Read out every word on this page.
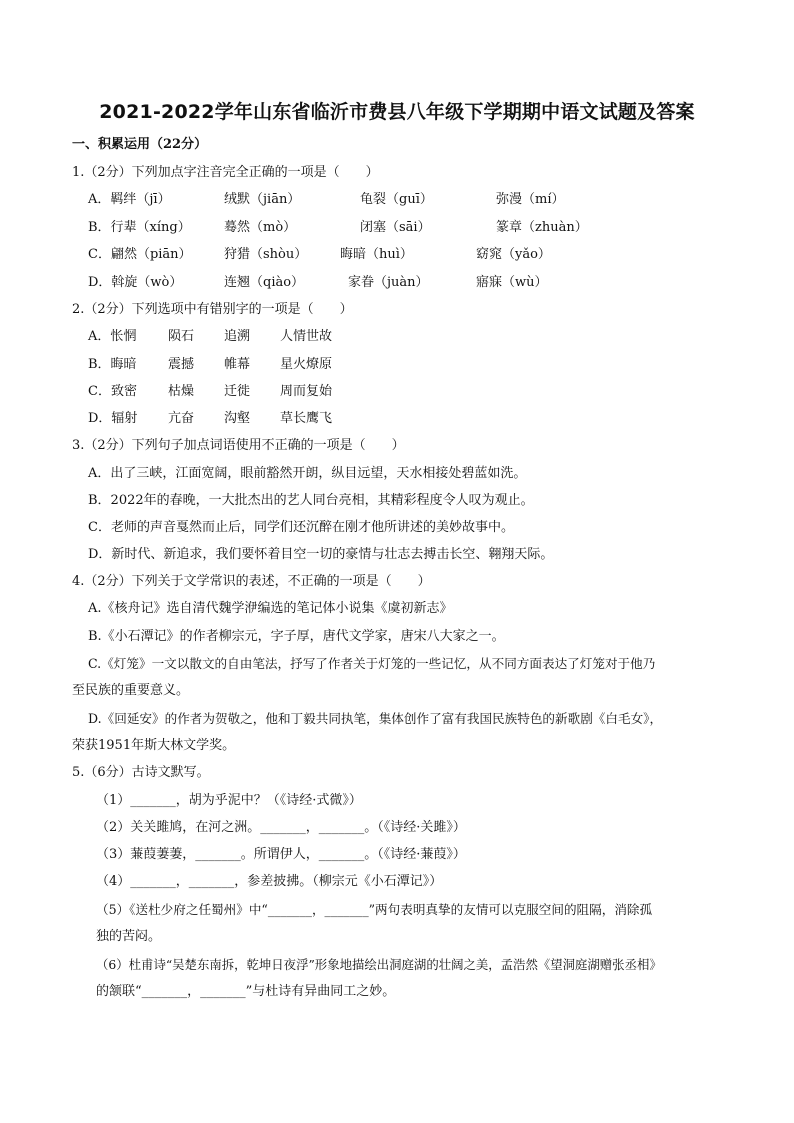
2021-2022学年山东省临沂市费县八年级下学期期中语文试题及答案
一、积累运用（22分）
1.（2分）下列加点字注音完全正确的一项是（　　）
A．羁绊（jī）	绒默（jiān）	龟裂（guī）	弥漫（mí）
B．行辈（xíng）	蓦然（mò）	闭塞（sāi）	篆章（zhuàn）
C．翩然（piān） 狩猎（shòu）	晦暗（huì）	窈窕（yǎo）
D．斡旋（wò）	连翘（qiào）	家眷（juàn）	寤寐（wù）
2.（2分）下列选项中有错别字的一项是（　　）
A．怅惘 陨石 追溯 人情世故
B．晦暗 震撼 帷幕 星火燎原
C．致密 枯燥 迁徙 周而复始
D．辐射 亢奋 沟壑 草长鹰飞
3.（2分）下列句子加点词语使用不正确的一项是（　　）
A．出了三峡，江面宽阔，眼前豁然开朗，纵目远望，天水相接处碧蓝如洗。
B．2022年的春晚，一大批杰出的艺人同台亮相，其精彩程度令人叹为观止。
C．老师的声音戛然而止后，同学们还沉醉在刚才他所讲述的美妙故事中。
D．新时代、新追求，我们要怀着目空一切的豪情与壮志去搏击长空、翱翔天际。
4.（2分）下列关于文学常识的表述，不正确的一项是（　　）
A.《核舟记》选自清代魏学洢编选的笔记体小说集《虞初新志》
B.《小石潭记》的作者柳宗元，字子厚，唐代文学家，唐宋八大家之一。
C.《灯笼》一文以散文的自由笔法，抒写了作者关于灯笼的一些记忆，从不同方面表达了灯笼对于他乃
至民族的重要意义。
D.《回延安》的作者为贺敬之，他和丁毅共同执笔，集体创作了富有我国民族特色的新歌剧《白毛女》，
荣获1951年斯大林文学奖。
5.（6分）古诗文默写。
（1）_______，胡为乎泥中？（《诗经·式微》）
（2）关关雎鸠，在河之洲。_______，_______。（《诗经·关雎》）
（3）蒹葭萋萋，_______。所谓伊人，_______。（《诗经·蒹葭》）
（4）_______，_______，参差披拂。（柳宗元《小石潭记》）
（5）《送杜少府之任蜀州》中“_______，_______”两句表明真挚的友情可以克服空间的阻隔，消除孤
独的苦闷。
（6）杜甫诗“吴楚东南拆，乾坤日夜浮”形象地描绘出洞庭湖的壮阔之美，孟浩然《望洞庭湖赠张丞相》
的颔联“_______，_______”与杜诗有异曲同工之妙。
